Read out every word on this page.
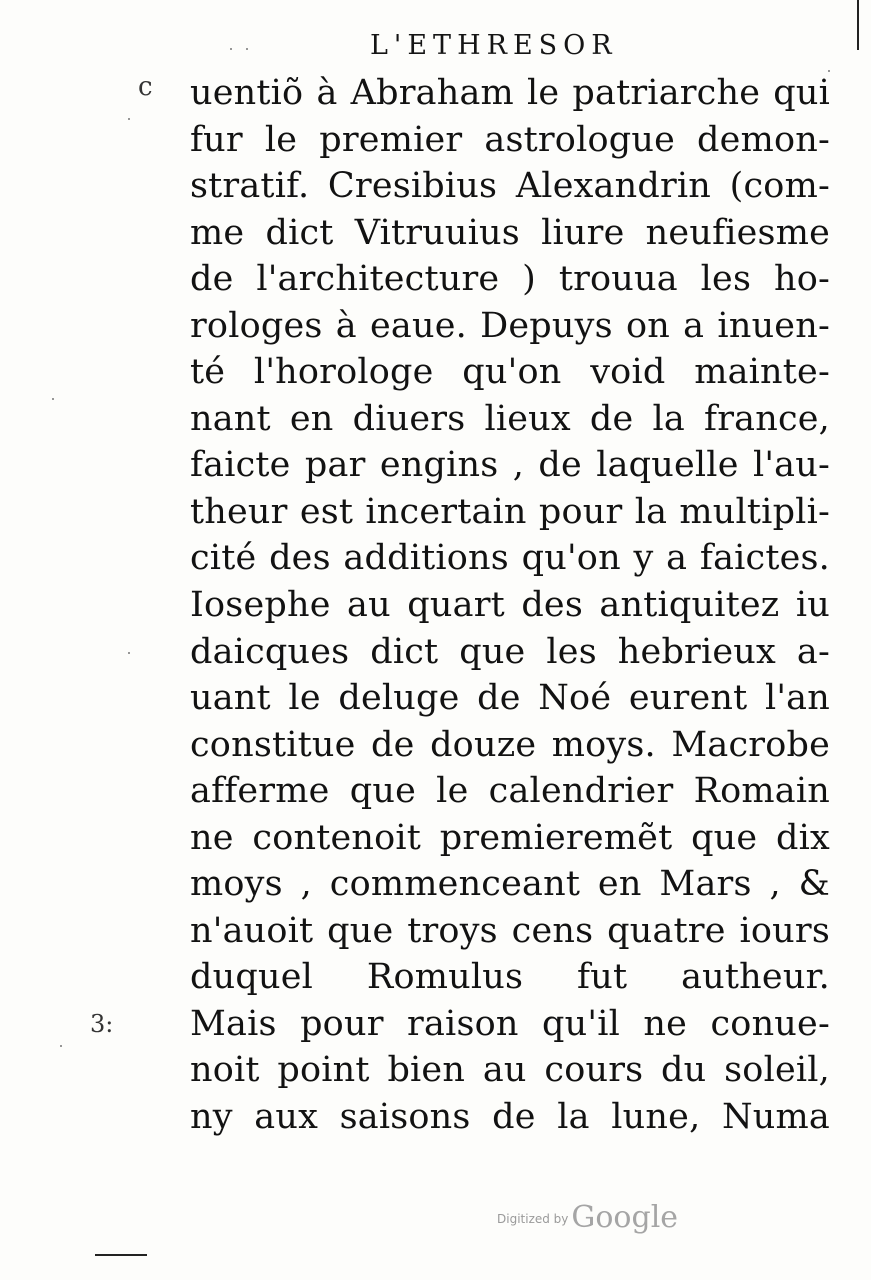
L'ETHRESOR
c uentiõ à Abraham le patriarche qui
fur le premier astrologue demon-
stratif. Cresibius Alexandrin (com-
me dict Vitruuius liure neufiesme
de l'architecture ) trouua les ho-
rologes à eaue. Depuys on a inuen-
té l'horologe qu'on void mainte-
nant en diuers lieux de la france,
faicte par engins , de laquelle l'au-
theur est incertain pour la multipli-
cité des additions qu'on y a faictes.
Iosephe au quart des antiquitez iu
daicques dict que les hebrieux a-
uant le deluge de Noé eurent l'an
constitue de douze moys. Macrobe
afferme que le calendrier Romain
ne contenoit premieremẽt que dix
moys , commenceant en Mars , &
n'auoit que troys cens quatre iours
duquel Romulus fut autheur.
Mais pour raison qu'il ne conue-
noit point bien au cours du soleil,
ny aux saisons de la lune, Numa
3:
$^{Digitized by}$ Google
